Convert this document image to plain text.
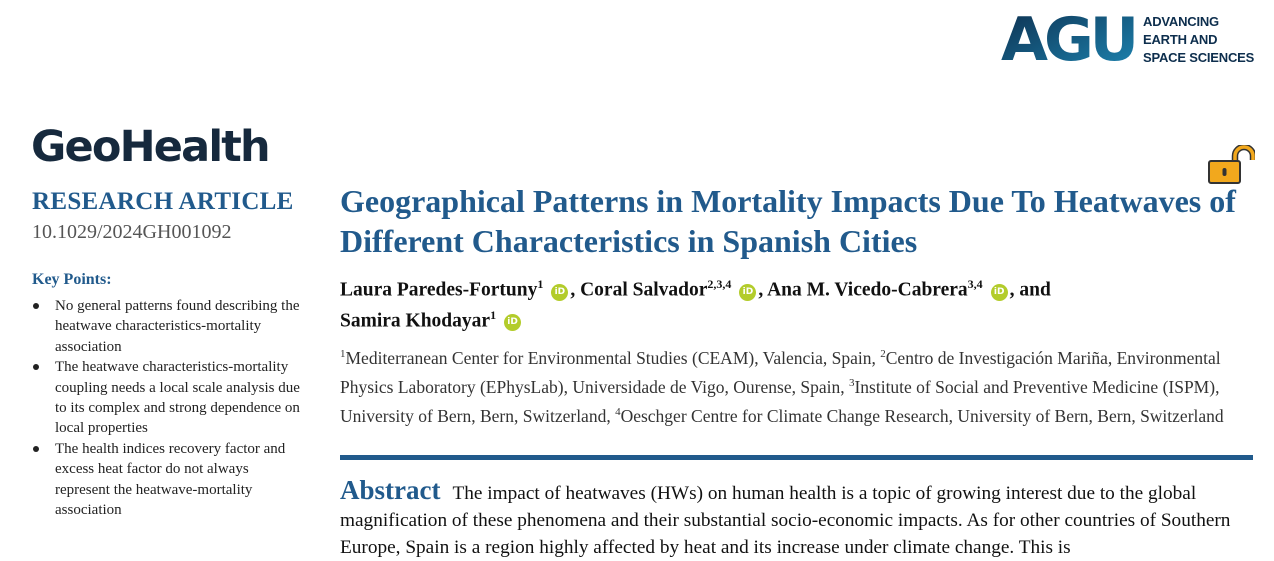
AGU ADVANCING
EARTH AND
SPACE SCIENCES
GeoHealth
RESEARCH ARTICLE
10.1029/2024GH001092
Key Points:
No general patterns found describing the heatwave characteristics-mortality association
The heatwave characteristics-mortality coupling needs a local scale analysis due to its complex and strong dependence on local properties
The health indices recovery factor and excess heat factor do not always represent the heatwave-mortality association
Geographical Patterns in Mortality Impacts Due To Heatwaves of Different Characteristics in Spanish Cities
Laura Paredes-Fortuny$^1$iD , Coral Salvador$^{2,3,4}$iD , Ana M. Vicedo-Cabrera$^{3,4}$iD , and
Samira Khodayar$^1$iD
$^1$Mediterranean Center for Environmental Studies (CEAM), Valencia, Spain, $^2$Centro de Investigación Mariña, Environmental Physics Laboratory (EPhysLab), Universidade de Vigo, Ourense, Spain, $^3$Institute of Social and Preventive Medicine (ISPM), University of Bern, Bern, Switzerland, $^4$Oeschger Centre for Climate Change Research, University of Bern, Bern, Switzerland
Abstract The impact of heatwaves (HWs) on human health is a topic of growing interest due to the global magnification of these phenomena and their substantial socio-economic impacts. As for other countries of Southern Europe, Spain is a region highly affected by heat and its increase under climate change. This is
